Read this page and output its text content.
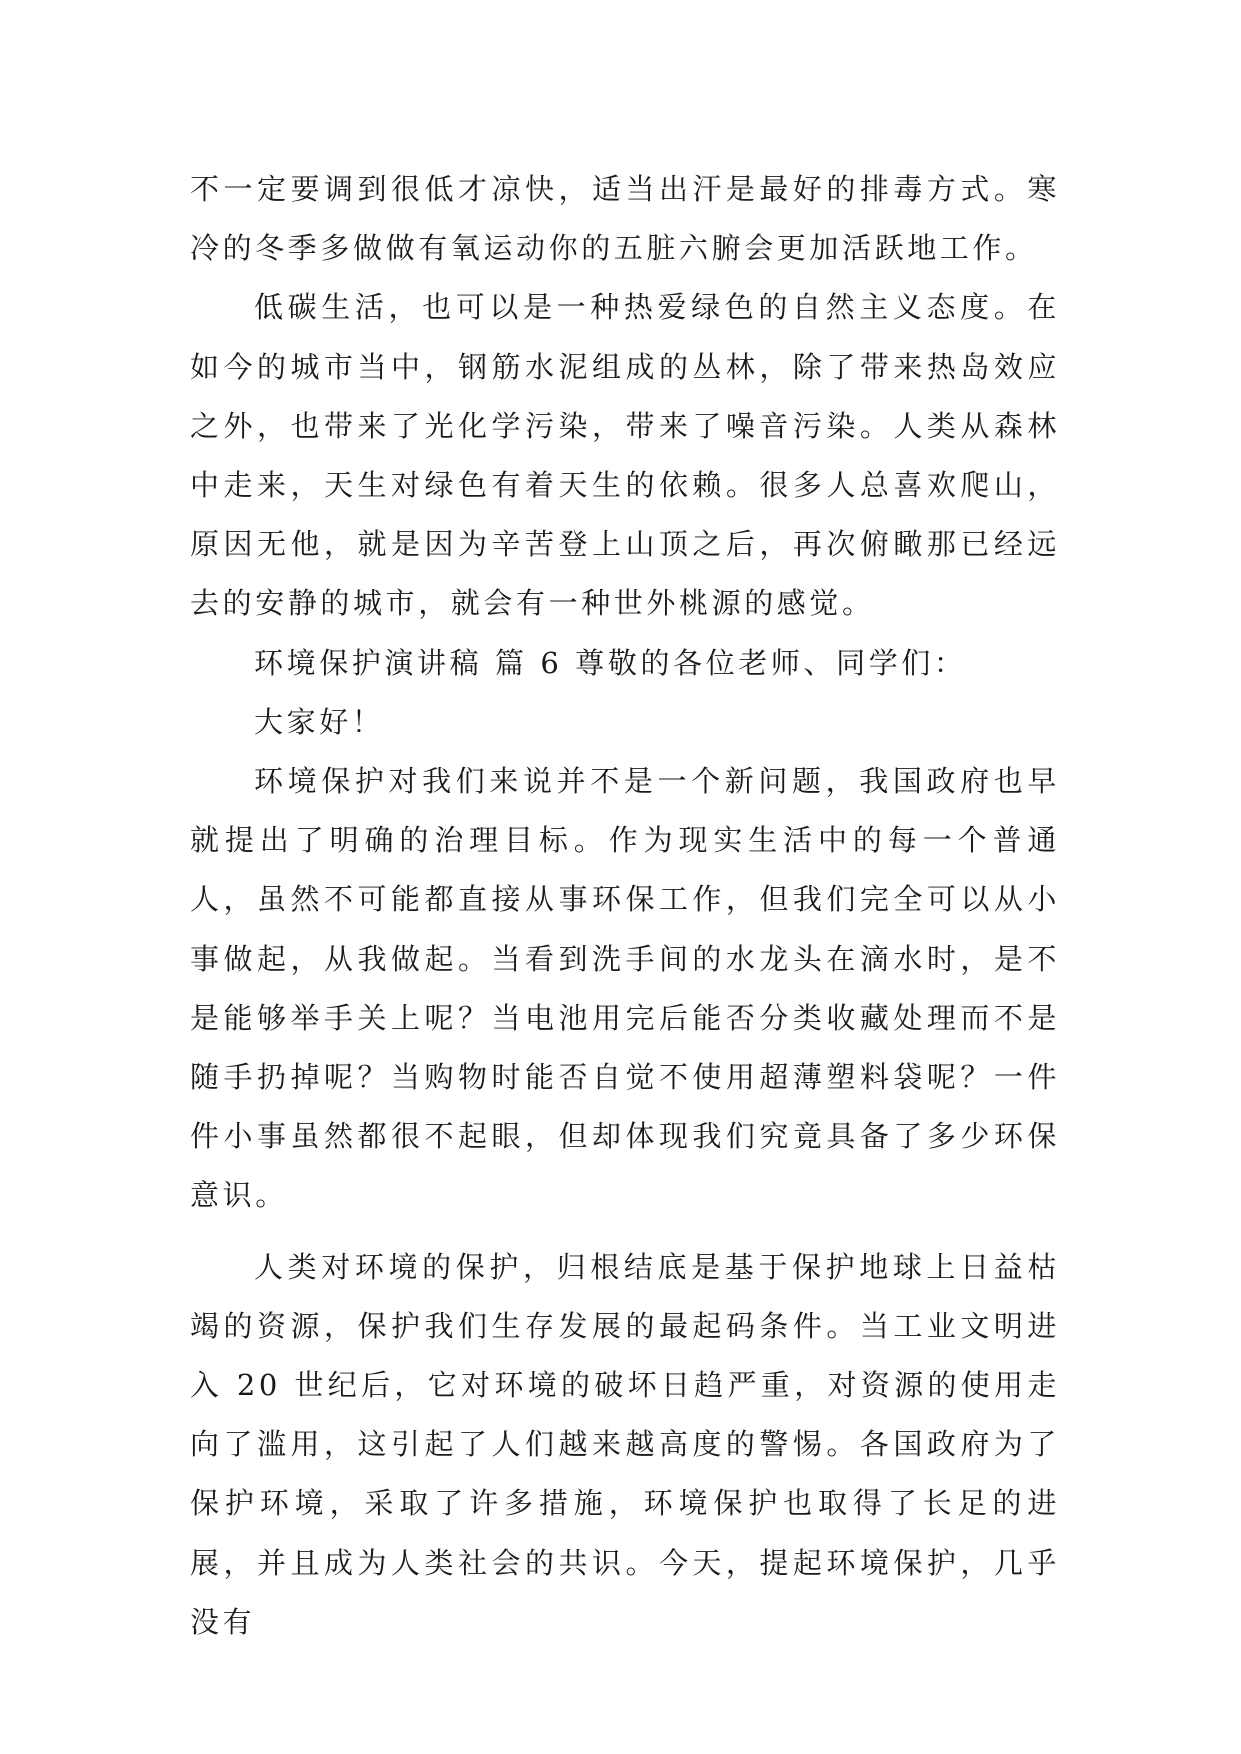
不一定要调到很低才凉快，适当出汗是最好的排毒方式。寒冷的冬季多做做有氧运动你的五脏六腑会更加活跃地工作。

低碳生活，也可以是一种热爱绿色的自然主义态度。在如今的城市当中，钢筋水泥组成的丛林，除了带来热岛效应之外，也带来了光化学污染，带来了噪音污染。人类从森林中走来，天生对绿色有着天生的依赖。很多人总喜欢爬山，原因无他，就是因为辛苦登上山顶之后，再次俯瞰那已经远去的安静的城市，就会有一种世外桃源的感觉。

环境保护演讲稿 篇 6 尊敬的各位老师、同学们：

大家好！

环境保护对我们来说并不是一个新问题，我国政府也早就提出了明确的治理目标。作为现实生活中的每一个普通人，虽然不可能都直接从事环保工作，但我们完全可以从小事做起，从我做起。当看到洗手间的水龙头在滴水时，是不是能够举手关上呢？当电池用完后能否分类收藏处理而不是随手扔掉呢？当购物时能否自觉不使用超薄塑料袋呢？一件件小事虽然都很不起眼，但却体现我们究竟具备了多少环保意识。

人类对环境的保护，归根结底是基于保护地球上日益枯竭的资源，保护我们生存发展的最起码条件。当工业文明进入 20 世纪后，它对环境的破坏日趋严重，对资源的使用走向了滥用，这引起了人们越来越高度的警惕。各国政府为了保护环境，采取了许多措施，环境保护也取得了长足的进展，并且成为人类社会的共识。今天，提起环境保护，几乎没有
